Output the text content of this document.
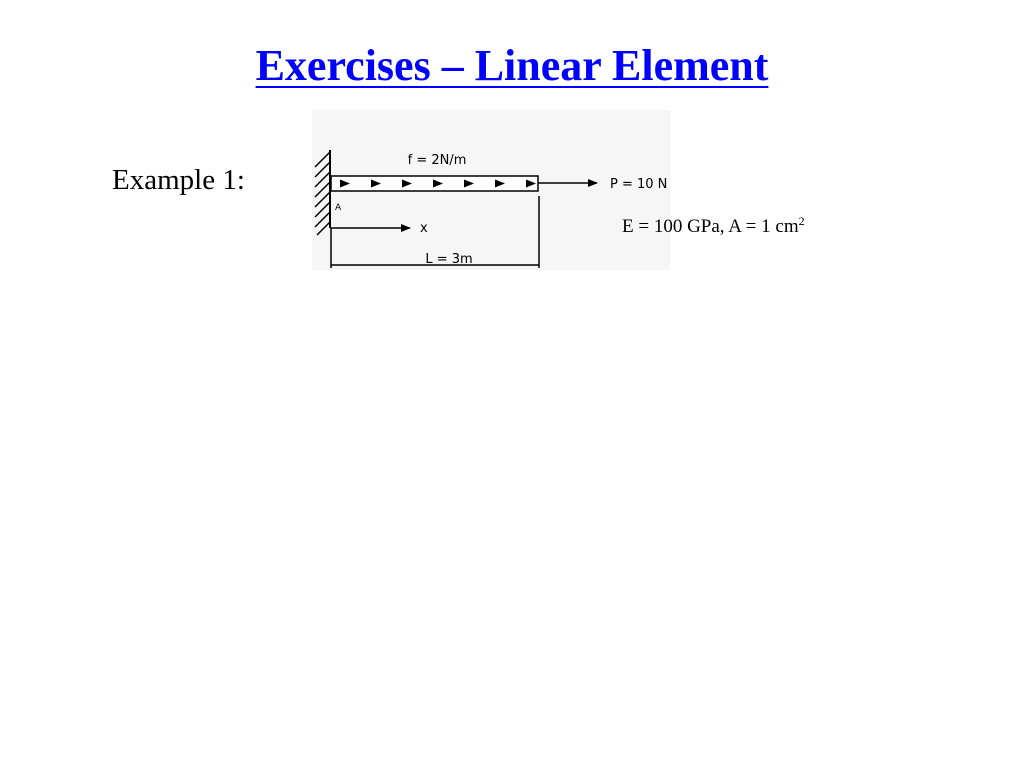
Exercises – Linear Element
Example 1:
f = 2N/m
P = 10 N
A
x
L = 3m
E = 100 GPa, A = 1 $cm^2$
